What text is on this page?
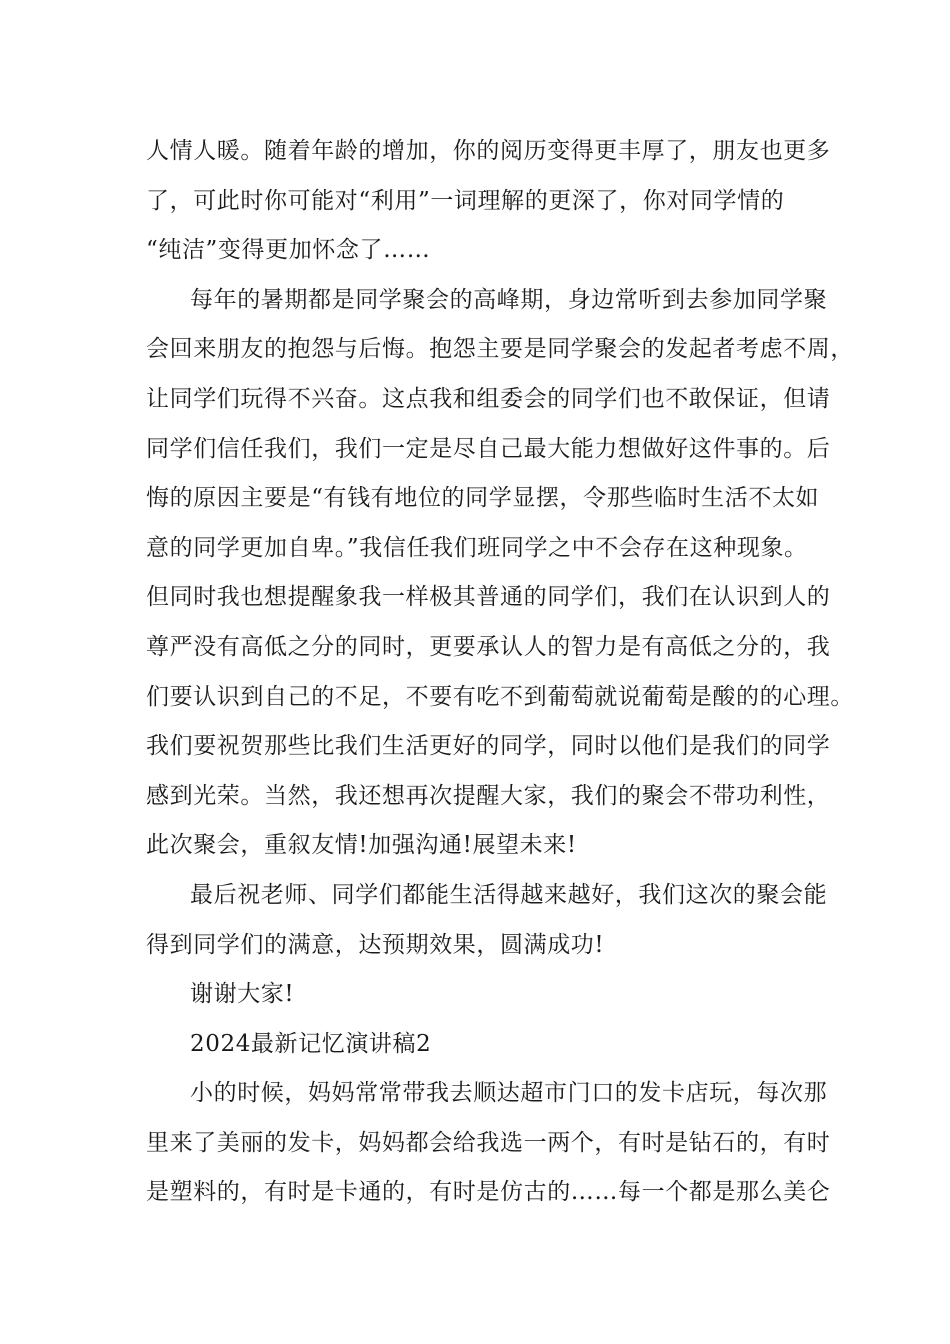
人情人暖。随着年龄的增加，你的阅历变得更丰厚了，朋友也更多
了，可此时你可能对“利用”一词理解的更深了，你对同学情的
“纯洁”变得更加怀念了……

每年的暑期都是同学聚会的高峰期，身边常听到去参加同学聚
会回来朋友的抱怨与后悔。抱怨主要是同学聚会的发起者考虑不周，
让同学们玩得不兴奋。这点我和组委会的同学们也不敢保证，但请
同学们信任我们，我们一定是尽自己最大能力想做好这件事的。后
悔的原因主要是“有钱有地位的同学显摆，令那些临时生活不太如
意的同学更加自卑。”我信任我们班同学之中不会存在这种现象。
但同时我也想提醒象我一样极其普通的同学们，我们在认识到人的
尊严没有高低之分的同时，更要承认人的智力是有高低之分的，我
们要认识到自己的不足，不要有吃不到葡萄就说葡萄是酸的的心理。
我们要祝贺那些比我们生活更好的同学，同时以他们是我们的同学
感到光荣。当然，我还想再次提醒大家，我们的聚会不带功利性，
此次聚会，重叙友情!加强沟通!展望未来!

最后祝老师、同学们都能生活得越来越好，我们这次的聚会能
得到同学们的满意，达预期效果，圆满成功!

谢谢大家!

2024最新记忆演讲稿2

小的时候，妈妈常常带我去顺达超市门口的发卡店玩，每次那
里来了美丽的发卡，妈妈都会给我选一两个，有时是钻石的，有时
是塑料的，有时是卡通的，有时是仿古的……每一个都是那么美仑
